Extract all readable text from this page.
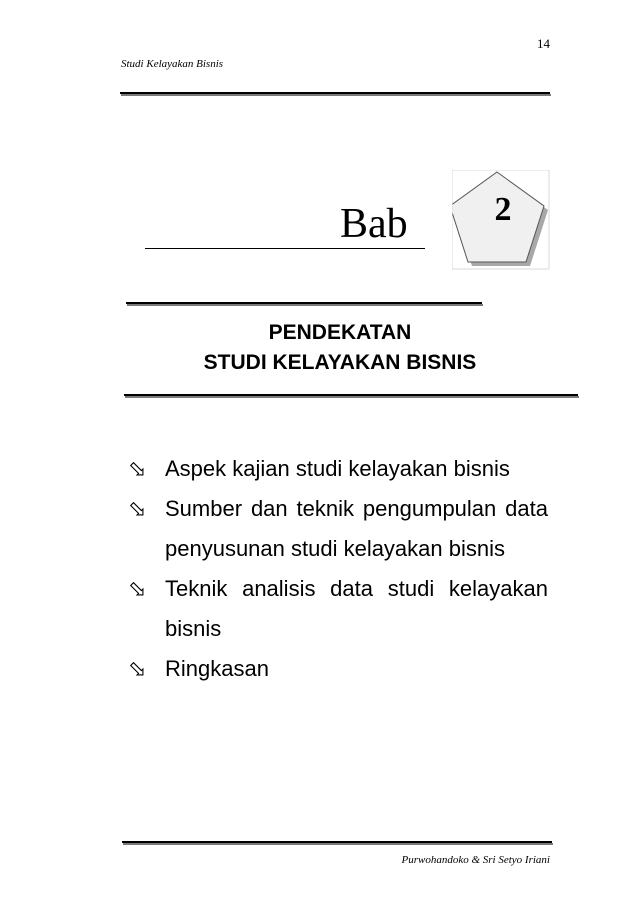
14
Studi Kelayakan Bisnis
Bab	2
PENDEKATAN
STUDI KELAYAKAN BISNIS
⬂ Aspek kajian studi kelayakan bisnis
⬂ Sumber dan teknik pengumpulan data penyusunan studi kelayakan bisnis
⬂ Teknik analisis data studi kelayakan bisnis
⬂ Ringkasan
Purwohandoko & Sri Setyo Iriani
